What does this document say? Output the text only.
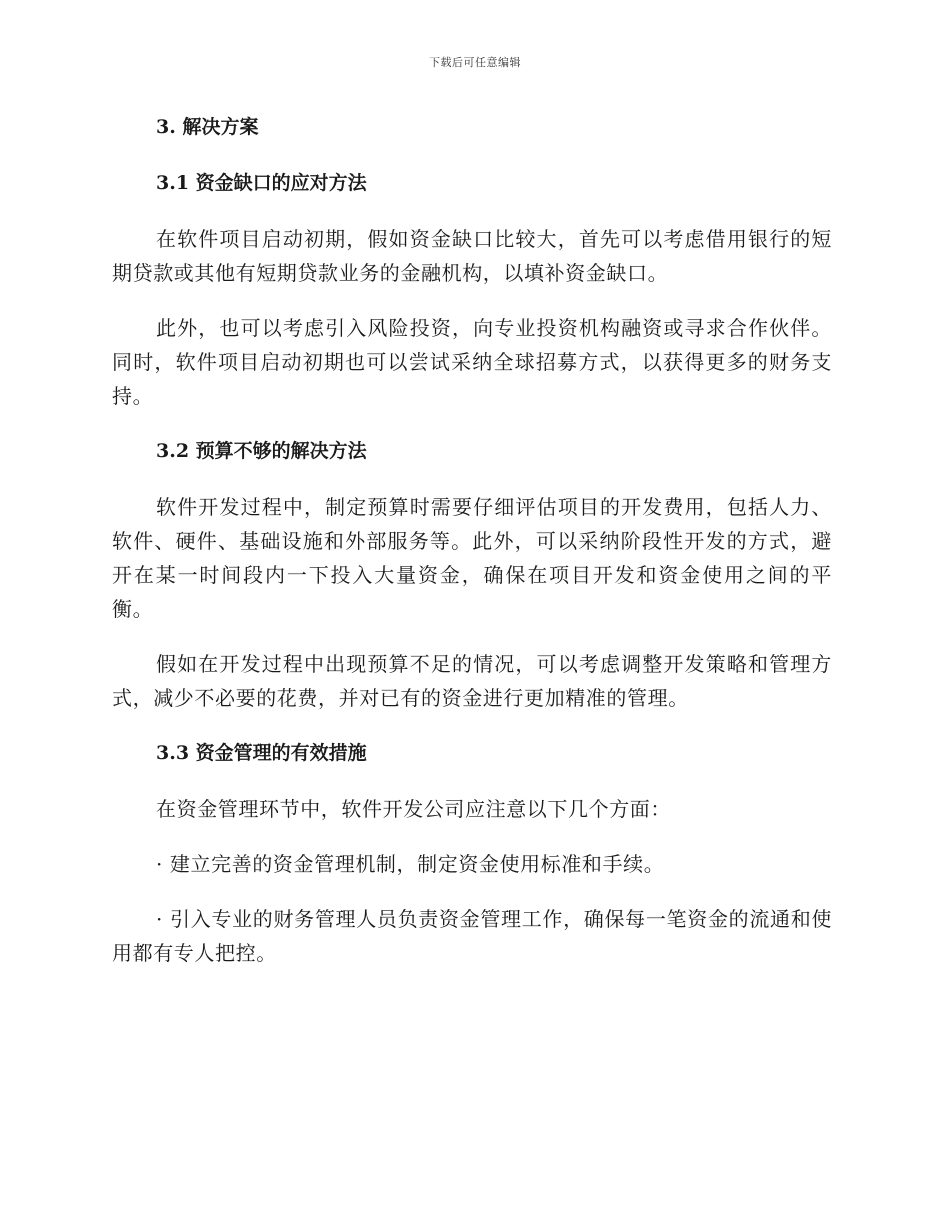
下载后可任意编辑
3. 解决方案
3.1 资金缺口的应对方法

在软件项目启动初期，假如资金缺口比较大，首先可以考虑借用银行的短期贷款或其他有短期贷款业务的金融机构，以填补资金缺口。

此外，也可以考虑引入风险投资，向专业投资机构融资或寻求合作伙伴。同时，软件项目启动初期也可以尝试采纳全球招募方式，以获得更多的财务支持。

3.2 预算不够的解决方法

软件开发过程中，制定预算时需要仔细评估项目的开发费用，包括人力、软件、硬件、基础设施和外部服务等。此外，可以采纳阶段性开发的方式，避开在某一时间段内一下投入大量资金，确保在项目开发和资金使用之间的平衡。

假如在开发过程中出现预算不足的情况，可以考虑调整开发策略和管理方式，减少不必要的花费，并对已有的资金进行更加精准的管理。

3.3 资金管理的有效措施

在资金管理环节中，软件开发公司应注意以下几个方面：

· 建立完善的资金管理机制，制定资金使用标准和手续。

· 引入专业的财务管理人员负责资金管理工作，确保每一笔资金的流通和使用都有专人把控。
